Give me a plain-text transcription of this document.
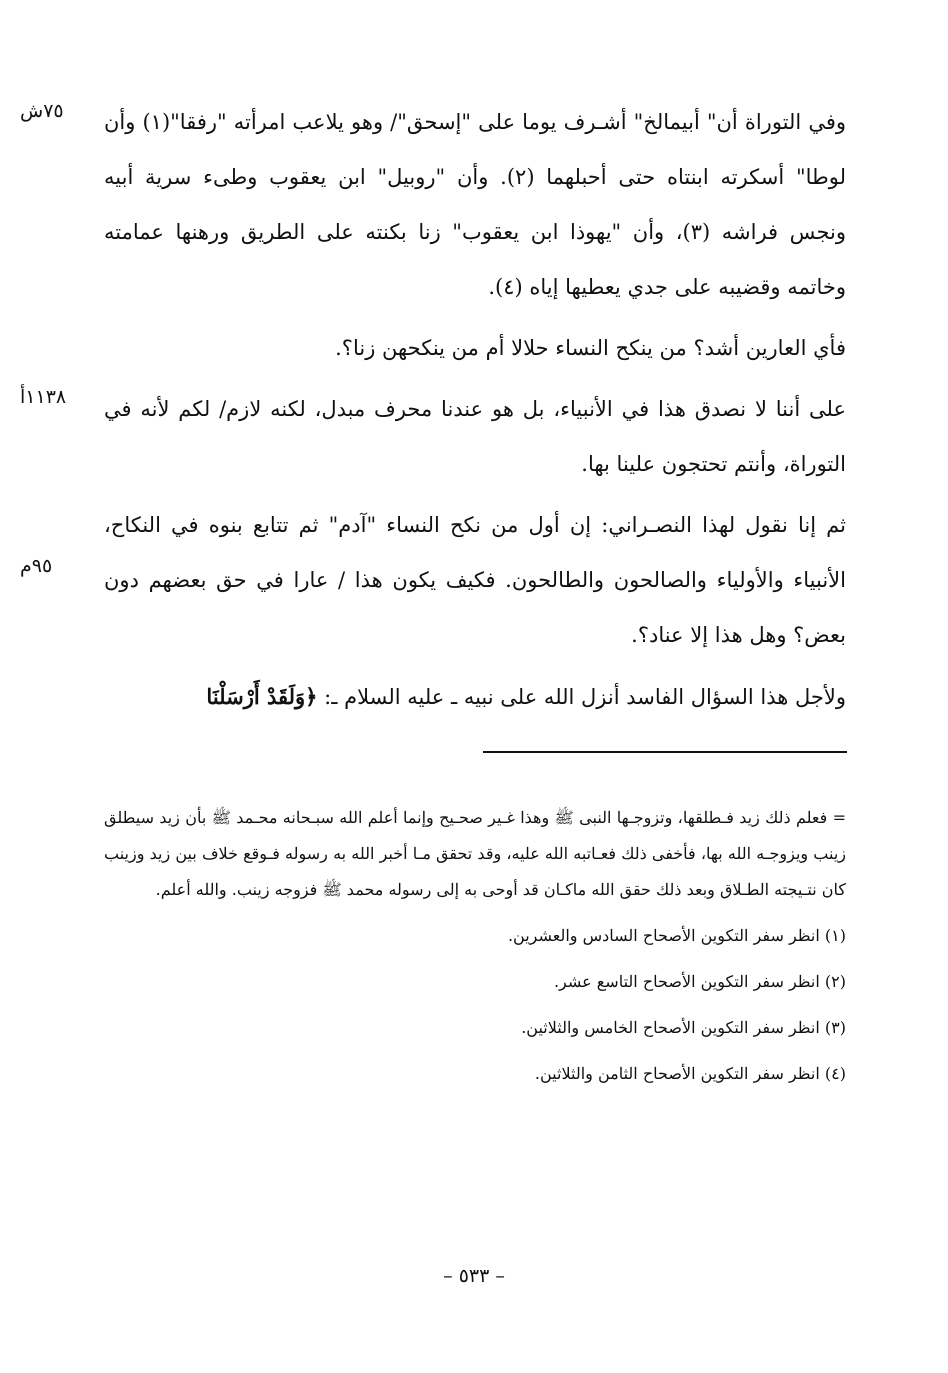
وفي التوراة أن" أبيمالخ" أشـرف يوما على "إسحق"/ وهو يلاعب امرأته "رفقا"(١) وأن لوطا" أسكرته ابنتاه حتى أحبلهما (٢). وأن "روبيل" ابن يعقوب وطىء سرية أبيه ونجس فراشه (٣)، وأن "يهوذا ابن يعقوب" زنا بكنته على الطريق ورهنها عمامته وخاتمه وقضيبه على جدي يعطيها إياه (٤).

فأي العارين أشد؟ من ينكح النساء حلالا أم من ينكحهن زنا؟.

على أننا لا نصدق هذا في الأنبياء، بل هو عندنا محرف مبدل، لكنه لازم/ لكم لأنه في التوراة، وأنتم تحتجون علينا بها.

ثم إنا نقول لهذا النصـراني: إن أول من نكح النساء "آدم" ثم تتابع بنوه في النكاح، الأنبياء والأولياء والصالحون والطالحون. فكيف يكون هذا / عارا في حق بعضهم دون بعض؟ وهل هذا إلا عناد؟.

ولأجل هذا السؤال الفاسد أنزل الله على نبيه ـ عليه السلام ـ: ﴿وَلَقَدْ أَرْسَلْنَا

٧٥ش
١١٣٨أ
٩٥م

= فعلم ذلك زيد فـطلقها، وتزوجـها النبى ﷺ وهذا غـير صحـيح وإنما أعلم الله سبـحانه محـمد ﷺ بأن زيد سيطلق زينب ويزوجـه الله بها، فأخفى ذلك فعـاتبه الله عليه، وقد تحقق مـا أخبر الله به رسوله فـوقع خلاف بين زيد وزينب كان نتـيجته الطـلاق وبعد ذلك حقق الله ماكـان قد أوحى به إلى رسوله محمد ﷺ فزوجه زينب. والله أعلم.

(١) انظر سفر التكوين الأصحاح السادس والعشرين.

(٢) انظر سفر التكوين الأصحاح التاسع عشر.

(٣) انظر سفر التكوين الأصحاح الخامس والثلاثين.

(٤) انظر سفر التكوين الأصحاح الثامن والثلاثين.

– ٥٣٣ –
